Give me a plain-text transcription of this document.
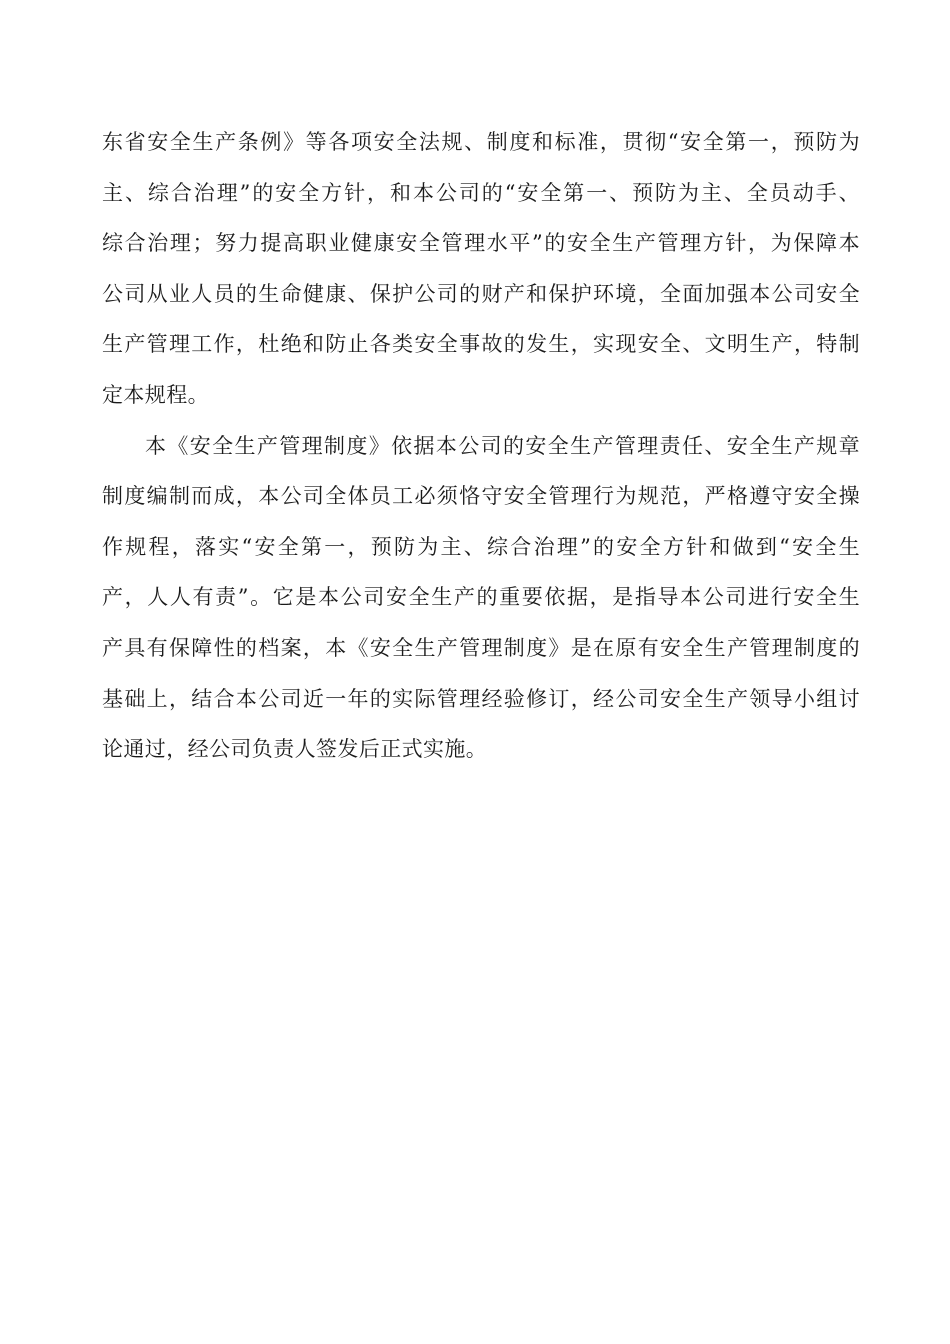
东省安全生产条例》等各项安全法规、制度和标准，贯彻“安全第一，预防为
主、综合治理”的安全方针，和本公司的“安全第一、预防为主、全员动手、
综合治理；努力提高职业健康安全管理水平”的安全生产管理方针，为保障本
公司从业人员的生命健康、保护公司的财产和保护环境，全面加强本公司安全
生产管理工作，杜绝和防止各类安全事故的发生，实现安全、文明生产，特制
定本规程。
本《安全生产管理制度》依据本公司的安全生产管理责任、安全生产规章
制度编制而成，本公司全体员工必须恪守安全管理行为规范，严格遵守安全操
作规程，落实“安全第一，预防为主、综合治理”的安全方针和做到“安全生
产，人人有责”。它是本公司安全生产的重要依据，是指导本公司进行安全生
产具有保障性的档案，本《安全生产管理制度》是在原有安全生产管理制度的
基础上，结合本公司近一年的实际管理经验修订，经公司安全生产领导小组讨
论通过，经公司负责人签发后正式实施。
